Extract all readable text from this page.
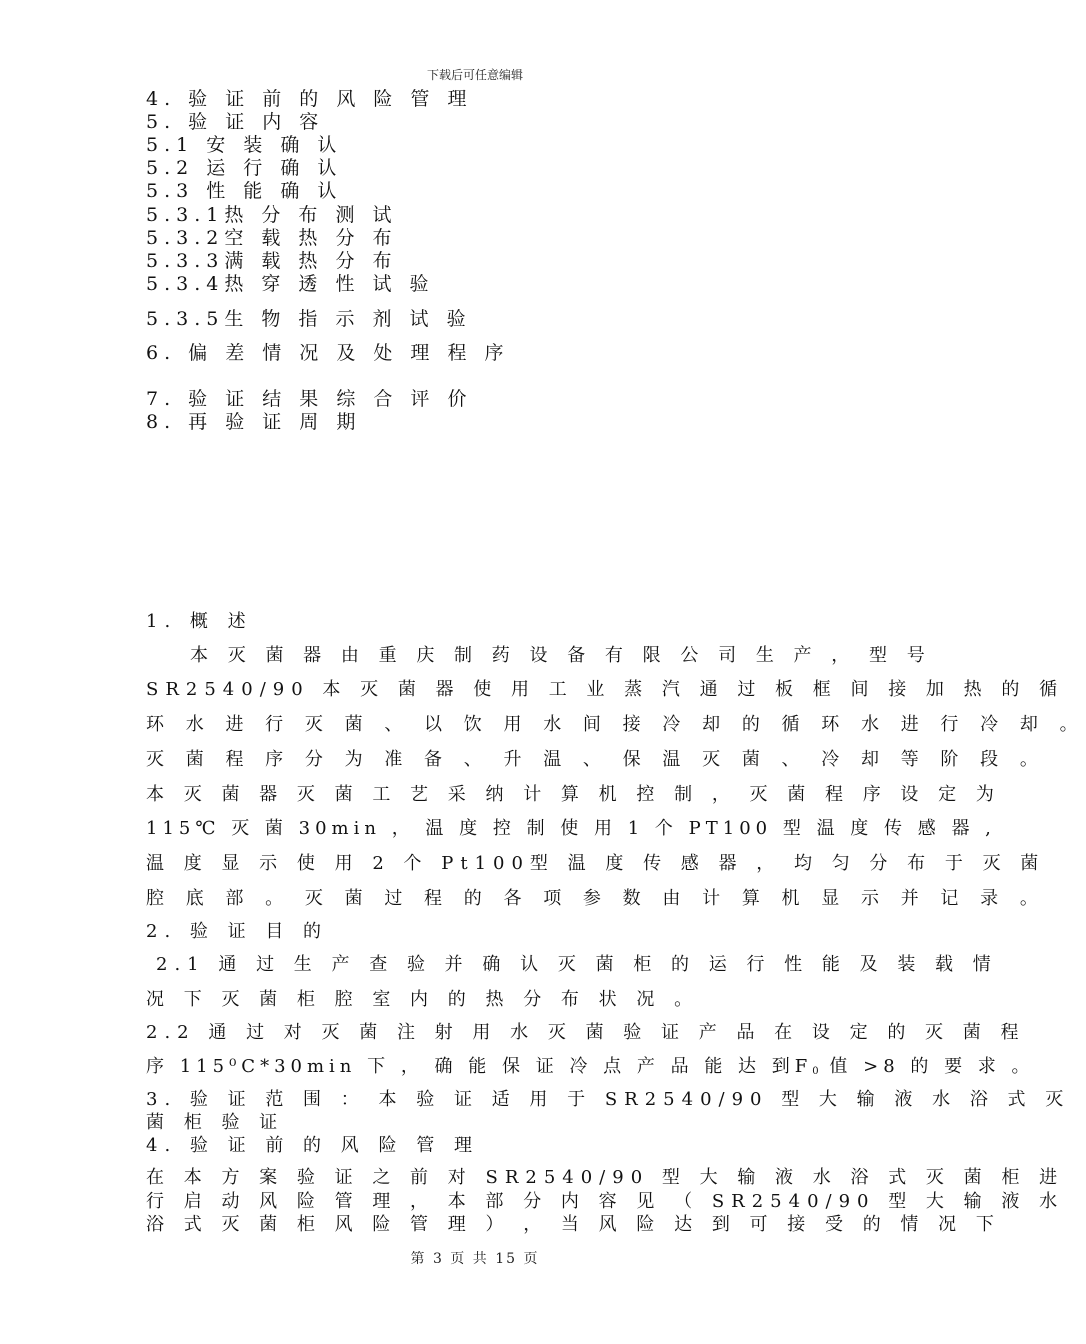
下载后可任意编辑
4. 验 证 前 的 风 险 管 理
5. 验 证 内 容
5.1 安 装 确 认
5.2 运 行 确 认
5.3 性 能 确 认
5.3.1热 分 布 测 试
5.3.2空 载 热 分 布
5.3.3满 载 热 分 布
5.3.4热 穿 透 性 试 验
5.3.5生 物 指 示 剂 试 验
6. 偏 差 情 况 及 处 理 程 序
7. 验 证 结 果 综 合 评 价
8. 再 验 证 周 期
1. 概 述
本 灭 菌 器 由 重 庆 制 药 设 备 有 限 公 司 生 产 ， 型 号
SR2540/90 本 灭 菌 器 使 用 工 业 蒸 汽 通 过 板 框 间 接 加 热 的 循
环 水 进 行 灭 菌 、 以 饮 用 水 间 接 冷 却 的 循 环 水 进 行 冷 却 。
灭 菌 程 序 分 为 准 备 、 升 温 、 保 温 灭 菌 、 冷 却 等 阶 段 。
本 灭 菌 器 灭 菌 工 艺 采 纳 计 算 机 控 制 ， 灭 菌 程 序 设 定 为
115℃ 灭 菌 30min ， 温 度 控 制 使 用 1 个 PT100 型 温 度 传 感 器 ,
温 度 显 示 使 用 2 个 Pt100型 温 度 传 感 器 ， 均 匀 分 布 于 灭 菌
腔 底 部 。 灭 菌 过 程 的 各 项 参 数 由 计 算 机 显 示 并 记 录 。
2. 验 证 目 的
2.1 通 过 生 产 查 验 并 确 认 灭 菌 柜 的 运 行 性 能 及 装 载 情
况 下 灭 菌 柜 腔 室 内 的 热 分 布 状 况 。
2.2 通 过 对 灭 菌 注 射 用 水 灭 菌 验 证 产 品 在 设 定 的 灭 菌 程
序 115⁰C*30min 下 ， 确 能 保 证 冷 点 产 品 能 达 到$F_0$ 值 >8 的 要 求 。
3. 验 证 范 围 ： 本 验 证 适 用 于 SR2540/90 型 大 输 液 水 浴 式 灭
菌 柜 验 证
4. 验 证 前 的 风 险 管 理
在 本 方 案 验 证 之 前 对 SR2540/90 型 大 输 液 水 浴 式 灭 菌 柜 进
行 启 动 风 险 管 理 ， 本 部 分 内 容 见 （ SR2540/90 型 大 输 液 水
浴 式 灭 菌 柜 风 险 管 理 ） ， 当 风 险 达 到 可 接 受 的 情 况 下
第 3 页 共 15 页
